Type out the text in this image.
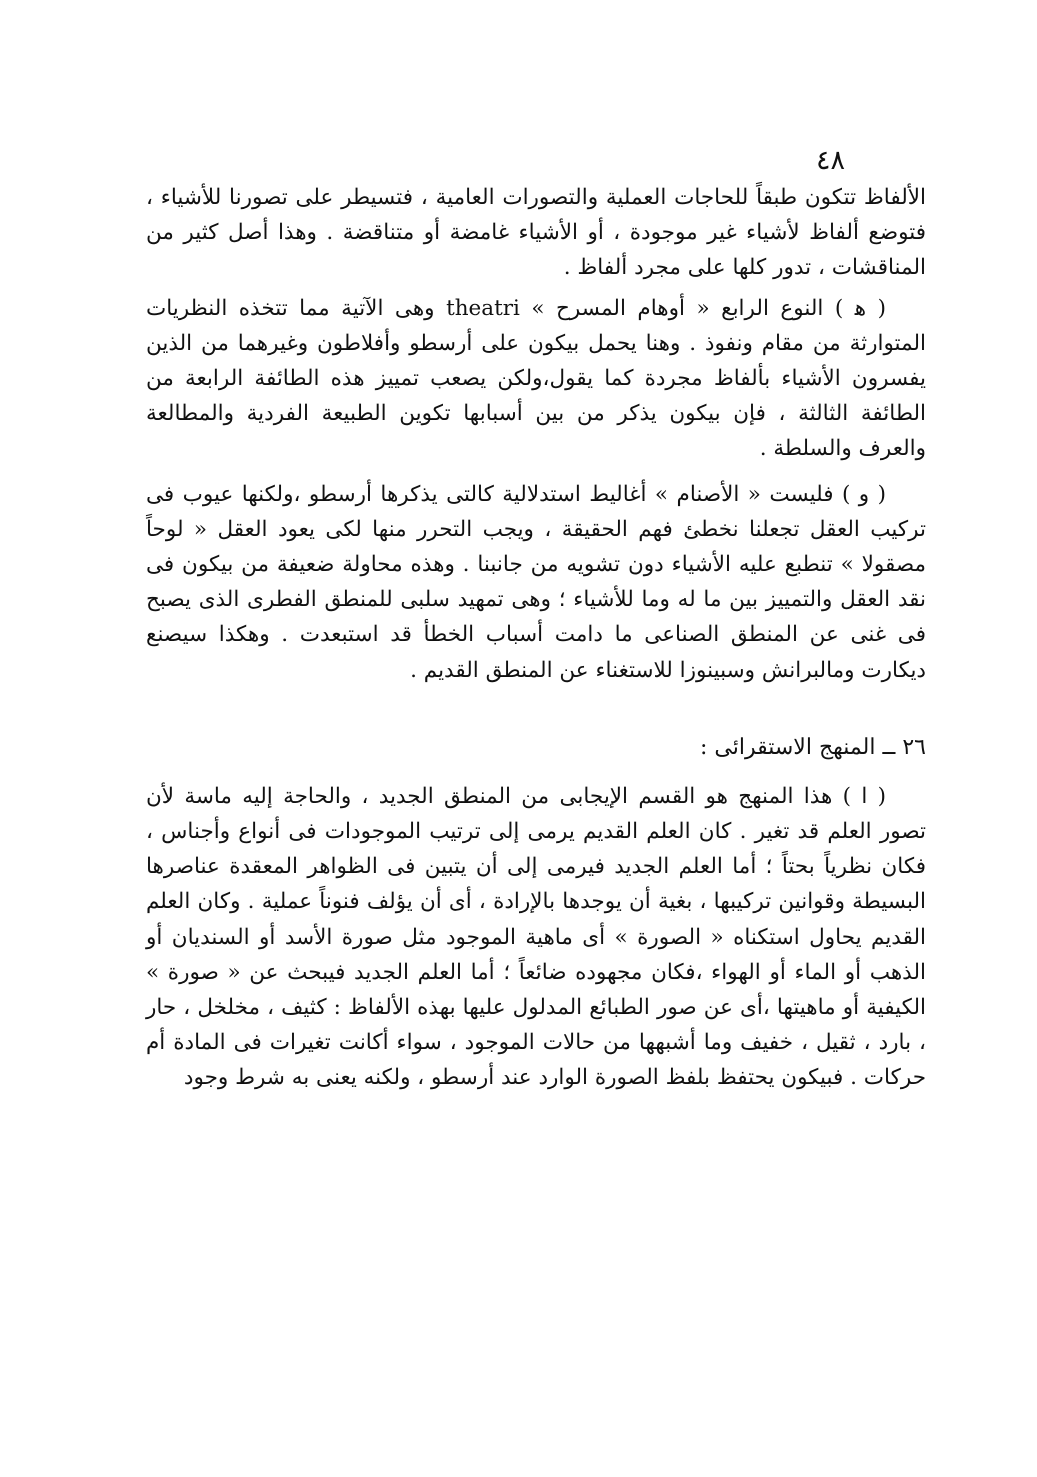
٤٨

الألفاظ تتكون طبقاً للحاجات العملية والتصورات العامية ، فتسيطر على تصورنا للأشياء ، فتوضع ألفاظ لأشياء غير موجودة ، أو الأشياء غامضة أو متناقضة . وهذا أصل كثير من المناقشات ، تدور كلها على مجرد ألفاظ .

( ﻫ ) النوع الرابع « أوهام المسرح » theatri وهى الآتية مما تتخذه النظريات المتوارثة من مقام ونفوذ . وهنا يحمل بيكون على أرسطو وأفلاطون وغيرهما من الذين يفسرون الأشياء بألفاظ مجردة كما يقول،ولكن يصعب تمييز هذه الطائفة الرابعة من الطائفة الثالثة ، فإن بيكون يذكر من بين أسبابها تكوين الطبيعة الفردية والمطالعة والعرف والسلطة .

( و ) فليست « الأصنام » أغاليط استدلالية كالتى يذكرها أرسطو ،ولكنها عيوب فى تركيب العقل تجعلنا نخطئ فهم الحقيقة ، ويجب التحرر منها لكى يعود العقل « لوحاً مصقولا » تنطبع عليه الأشياء دون تشويه من جانبنا . وهذه محاولة ضعيفة من بيكون فى نقد العقل والتمييز بين ما له وما للأشياء ؛ وهى تمهيد سلبى للمنطق الفطرى الذى يصبح فى غنى عن المنطق الصناعى ما دامت أسباب الخطأ قد استبعدت . وهكذا سيصنع ديكارت ومالبرانش وسبينوزا للاستغناء عن المنطق القديم .

٢٦ ــ المنهج الاستقرائى :

( ا ) هذا المنهج هو القسم الإيجابى من المنطق الجديد ، والحاجة إليه ماسة لأن تصور العلم قد تغير . كان العلم القديم يرمى إلى ترتيب الموجودات فى أنواع وأجناس ، فكان نظرياً بحتاً ؛ أما العلم الجديد فيرمى إلى أن يتبين فى الظواهر المعقدة عناصرها البسيطة وقوانين تركيبها ، بغية أن يوجدها بالإرادة ، أى أن يؤلف فنوناً عملية . وكان العلم القديم يحاول استكناه « الصورة » أى ماهية الموجود مثل صورة الأسد أو السنديان أو الذهب أو الماء أو الهواء ،فكان مجهوده ضائعاً ؛ أما العلم الجديد فيبحث عن « صورة » الكيفية أو ماهيتها ،أى عن صور الطبائع المدلول عليها بهذه الألفاظ : كثيف ، مخلخل ، حار ، بارد ، ثقيل ، خفيف وما أشبهها من حالات الموجود ، سواء أكانت تغيرات فى المادة أم حركات . فبيكون يحتفظ بلفظ الصورة الوارد عند أرسطو ، ولكنه يعنى به شرط وجود
